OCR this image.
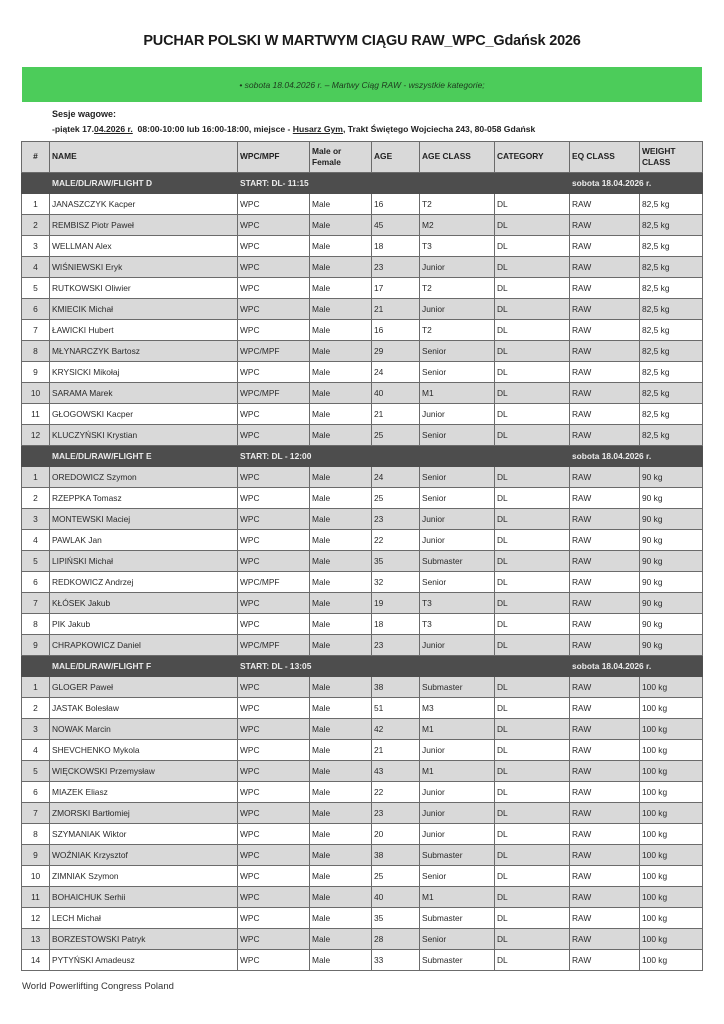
PUCHAR POLSKI W MARTWYM CIĄGU RAW_WPC_Gdańsk 2026
• sobota 18.04.2026 r. – Martwy Ciąg RAW - wszystkie kategorie;
Sesje wagowe:
-piątek 17.04.2026 r.  08:00-10:00 lub 16:00-18:00, miejsce - Husarz Gym, Trakt Świętego Wojciecha 243, 80-058 Gdańsk
#	NAME	WPC/MPF	Male or Female	AGE	AGE CLASS	CATEGORY	EQ CLASS	WEIGHT CLASS
	MALE/DL/RAW/FLIGHT D	START: DL- 11:15					sobota 18.04.2026 r.	
1	JANASZCZYK Kacper	WPC	Male	16	T2	DL	RAW	82,5 kg
2	REMBISZ Piotr Paweł	WPC	Male	45	M2	DL	RAW	82,5 kg
3	WELLMAN Alex	WPC	Male	18	T3	DL	RAW	82,5 kg
4	WIŚNIEWSKI Eryk	WPC	Male	23	Junior	DL	RAW	82,5 kg
5	RUTKOWSKI Oliwier	WPC	Male	17	T2	DL	RAW	82,5 kg
6	KMIECIK Michał	WPC	Male	21	Junior	DL	RAW	82,5 kg
7	ŁAWICKI Hubert	WPC	Male	16	T2	DL	RAW	82,5 kg
8	MŁYNARCZYK Bartosz	WPC/MPF	Male	29	Senior	DL	RAW	82,5 kg
9	KRYSICKI Mikołaj	WPC	Male	24	Senior	DL	RAW	82,5 kg
10	SARAMA Marek	WPC/MPF	Male	40	M1	DL	RAW	82,5 kg
11	GŁOGOWSKI Kacper	WPC	Male	21	Junior	DL	RAW	82,5 kg
12	KLUCZYŃSKI Krystian	WPC	Male	25	Senior	DL	RAW	82,5 kg
	MALE/DL/RAW/FLIGHT E	START: DL - 12:00					sobota 18.04.2026 r.	
1	OREDOWICZ Szymon	WPC	Male	24	Senior	DL	RAW	90 kg
2	RZEPPKA Tomasz	WPC	Male	25	Senior	DL	RAW	90 kg
3	MONTEWSKI Maciej	WPC	Male	23	Junior	DL	RAW	90 kg
4	PAWLAK Jan	WPC	Male	22	Junior	DL	RAW	90 kg
5	LIPIŃSKI Michał	WPC	Male	35	Submaster	DL	RAW	90 kg
6	REDKOWICZ Andrzej	WPC/MPF	Male	32	Senior	DL	RAW	90 kg
7	KŁÓSEK Jakub	WPC	Male	19	T3	DL	RAW	90 kg
8	PIK Jakub	WPC	Male	18	T3	DL	RAW	90 kg
9	CHRAPKOWICZ Daniel	WPC/MPF	Male	23	Junior	DL	RAW	90 kg
	MALE/DL/RAW/FLIGHT F	START: DL - 13:05					sobota 18.04.2026 r.	
1	GLOGER Paweł	WPC	Male	38	Submaster	DL	RAW	100 kg
2	JASTAK Bolesław	WPC	Male	51	M3	DL	RAW	100 kg
3	NOWAK Marcin	WPC	Male	42	M1	DL	RAW	100 kg
4	SHEVCHENKO Mykola	WPC	Male	21	Junior	DL	RAW	100 kg
5	WIĘCKOWSKI Przemysław	WPC	Male	43	M1	DL	RAW	100 kg
6	MIAZEK Eliasz	WPC	Male	22	Junior	DL	RAW	100 kg
7	ZMORSKI Bartłomiej	WPC	Male	23	Junior	DL	RAW	100 kg
8	SZYMANIAK Wiktor	WPC	Male	20	Junior	DL	RAW	100 kg
9	WOŹNIAK Krzysztof	WPC	Male	38	Submaster	DL	RAW	100 kg
10	ZIMNIAK Szymon	WPC	Male	25	Senior	DL	RAW	100 kg
11	BOHAICHUK Serhii	WPC	Male	40	M1	DL	RAW	100 kg
12	LECH Michał	WPC	Male	35	Submaster	DL	RAW	100 kg
13	BORZESTOWSKI Patryk	WPC	Male	28	Senior	DL	RAW	100 kg
14	PYTYŃSKI Amadeusz	WPC	Male	33	Submaster	DL	RAW	100 kg
World Powerlifting Congress Poland
